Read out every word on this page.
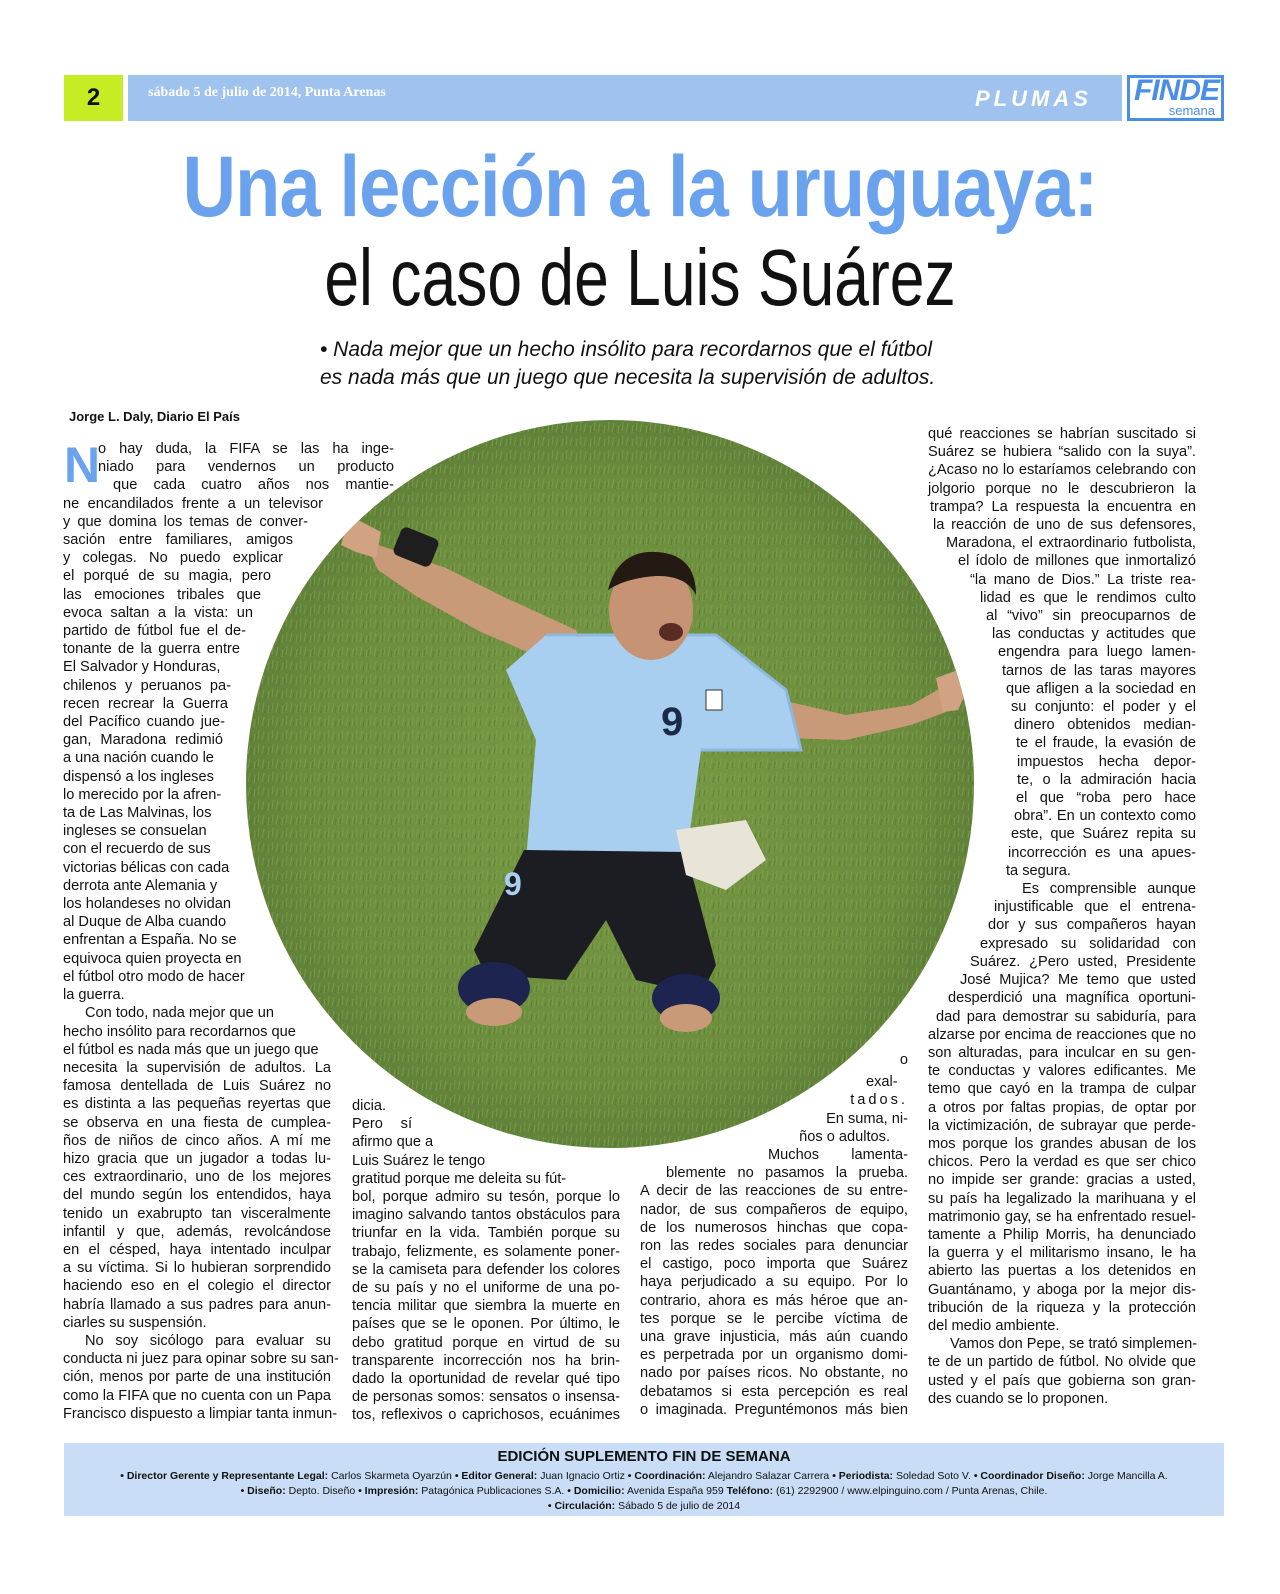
2	sábado 5 de julio de 2014, Punta Arenas	PLUMAS FINDE
semana
Una lección a la uruguaya:
el caso de Luis Suárez
• Nada mejor que un hecho insólito para recordarnos que el fútbol
es nada más que un juego que necesita la supervisión de adultos.
Jorge L. Daly, Diario El País
9
9
N
o hay duda, la FIFA se las ha inge-
niado para vendernos un producto
que cada cuatro años nos mantie-
ne encandilados frente a un televisor
y que domina los temas de conver-
sación entre familiares, amigos
y colegas. No puedo explicar
el porqué de su magia, pero
las emociones tribales que
evoca saltan a la vista: un
partido de fútbol fue el de-
tonante de la guerra entre
El Salvador y Honduras,
chilenos y peruanos pa-
recen recrear la Guerra
del Pacífico cuando jue-
gan, Maradona redimió
a una nación cuando le
dispensó a los ingleses
lo merecido por la afren-
ta de Las Malvinas, los
ingleses se consuelan
con el recuerdo de sus
victorias bélicas con cada
derrota ante Alemania y
los holandeses no olvidan
al Duque de Alba cuando
enfrentan a España. No se
equivoca quien proyecta en
el fútbol otro modo de hacer
la guerra.
Con todo, nada mejor que un
hecho insólito para recordarnos que
el fútbol es nada más que un juego que
necesita la supervisión de adultos. La
famosa dentellada de Luis Suárez no
es distinta a las pequeñas reyertas que
se observa en una fiesta de cumplea-
ños de niños de cinco años. A mí me
hizo gracia que un jugador a todas lu-
ces extraordinario, uno de los mejores
del mundo según los entendidos, haya
tenido un exabrupto tan visceralmente
infantil y que, además, revolcándose
en el césped, haya intentado inculpar
a su víctima. Si lo hubieran sorprendido
haciendo eso en el colegio el director
habría llamado a sus padres para anun-
ciarles su suspensión.
No soy sicólogo para evaluar su
conducta ni juez para opinar sobre su san-
ción, menos por parte de una institución
como la FIFA que no cuenta con un Papa
Francisco dispuesto a limpiar tanta inmun-
dicia.
Pero sí
afirmo que a
Luis Suárez le tengo
gratitud porque me deleita su fút-
bol, porque admiro su tesón, porque lo
imagino salvando tantos obstáculos para
triunfar en la vida. También porque su
trabajo, felizmente, es solamente poner-
se la camiseta para defender los colores
de su país y no el uniforme de una po-
tencia militar que siembra la muerte en
países que se le oponen. Por último, le
debo gratitud porque en virtud de su
transparente incorrección nos ha brin-
dado la oportunidad de revelar qué tipo
de personas somos: sensatos o insensa-
tos, reflexivos o caprichosos, ecuánimes
o
exal-
tados.
En suma, ni-
ños o adultos.
Muchos lamenta-
blemente no pasamos la prueba.
A decir de las reacciones de su entre-
nador, de sus compañeros de equipo,
de los numerosos hinchas que copa-
ron las redes sociales para denunciar
el castigo, poco importa que Suárez
haya perjudicado a su equipo. Por lo
contrario, ahora es más héroe que an-
tes porque se le percibe víctima de
una grave injusticia, más aún cuando
es perpetrada por un organismo domi-
nado por países ricos. No obstante, no
debatamos si esta percepción es real
o imaginada. Preguntémonos más bien
qué reacciones se habrían suscitado si
Suárez se hubiera “salido con la suya”.
¿Acaso no lo estaríamos celebrando con
jolgorio porque no le descubrieron la
trampa? La respuesta la encuentra en
la reacción de uno de sus defensores,
Maradona, el extraordinario futbolista,
el ídolo de millones que inmortalizó
“la mano de Dios.” La triste rea-
lidad es que le rendimos culto
al “vivo” sin preocuparnos de
las conductas y actitudes que
engendra para luego lamen-
tarnos de las taras mayores
que afligen a la sociedad en
su conjunto: el poder y el
dinero obtenidos median-
te el fraude, la evasión de
impuestos hecha depor-
te, o la admiración hacia
el que “roba pero hace
obra”. En un contexto como
este, que Suárez repita su
incorrección es una apues-
ta segura.
Es comprensible aunque
injustificable que el entrena-
dor y sus compañeros hayan
expresado su solidaridad con
Suárez. ¿Pero usted, Presidente
José Mujica? Me temo que usted
desperdició una magnífica oportuni-
dad para demostrar su sabiduría, para
alzarse por encima de reacciones que no
son alturadas, para inculcar en su gen-
te conductas y valores edificantes. Me
temo que cayó en la trampa de culpar
a otros por faltas propias, de optar por
la victimización, de subrayar que perde-
mos porque los grandes abusan de los
chicos. Pero la verdad es que ser chico
no impide ser grande: gracias a usted,
su país ha legalizado la marihuana y el
matrimonio gay, se ha enfrentado resuel-
tamente a Philip Morris, ha denunciado
la guerra y el militarismo insano, le ha
abierto las puertas a los detenidos en
Guantánamo, y aboga por la mejor dis-
tribución de la riqueza y la protección
del medio ambiente.
Vamos don Pepe, se trató simplemen-
te de un partido de fútbol. No olvide que
usted y el país que gobierna son gran-
des cuando se lo proponen.
EDICIÓN SUPLEMENTO FIN DE SEMANA
• Director Gerente y Representante Legal: Carlos Skarmeta Oyarzún • Editor General: Juan Ignacio Ortiz • Coordinación: Alejandro Salazar Carrera • Periodista: Soledad Soto V. • Coordinador Diseño: Jorge Mancilla A.
• Diseño: Depto. Diseño • Impresión: Patagónica Publicaciones S.A. • Domicilio: Avenida España 959 Teléfono: (61) 2292900 / www.elpinguino.com / Punta Arenas, Chile.
• Circulación: Sábado 5 de julio de 2014
